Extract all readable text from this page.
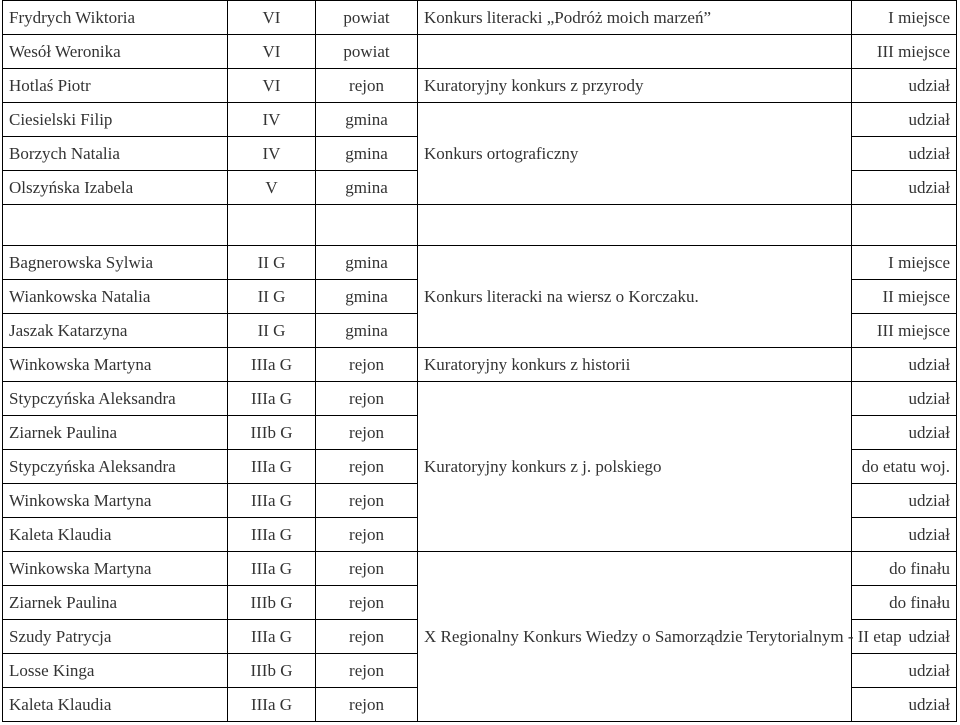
Frydrych Wiktoria	VI	powiat	Konkurs literacki „Podróż moich marzeń”	I miejsce
Wesół Weronika	VI	powiat		III miejsce
Hotlaś Piotr	VI	rejon	Kuratoryjny konkurs z przyrody	udział
Ciesielski Filip	IV	gmina	Konkurs ortograficzny	udział
Borzych Natalia	IV	gmina		udział
Olszyńska Izabela	V	gmina		udział

Bagnerowska Sylwia	II G	gmina	Konkurs literacki na wiersz o Korczaku.	I miejsce
Wiankowska Natalia	II G	gmina		II miejsce
Jaszak Katarzyna	II G	gmina		III miejsce
Winkowska Martyna	IIIa G	rejon	Kuratoryjny konkurs z historii	udział
Stypczyńska Aleksandra	IIIa G	rejon	Kuratoryjny konkurs z j. polskiego	udział
Ziarnek Paulina	IIIb G	rejon		udział
Stypczyńska Aleksandra	IIIa G	rejon		do etatu woj.
Winkowska Martyna	IIIa G	rejon		udział
Kaleta Klaudia	IIIa G	rejon		udział
Winkowska Martyna	IIIa G	rejon	X Regionalny Konkurs Wiedzy o Samorządzie Terytorialnym - II etap	do finału
Ziarnek Paulina	IIIb G	rejon		do finału
Szudy Patrycja	IIIa G	rejon		udział
Losse Kinga	IIIb G	rejon		udział
Kaleta Klaudia	IIIa G	rejon		udział
